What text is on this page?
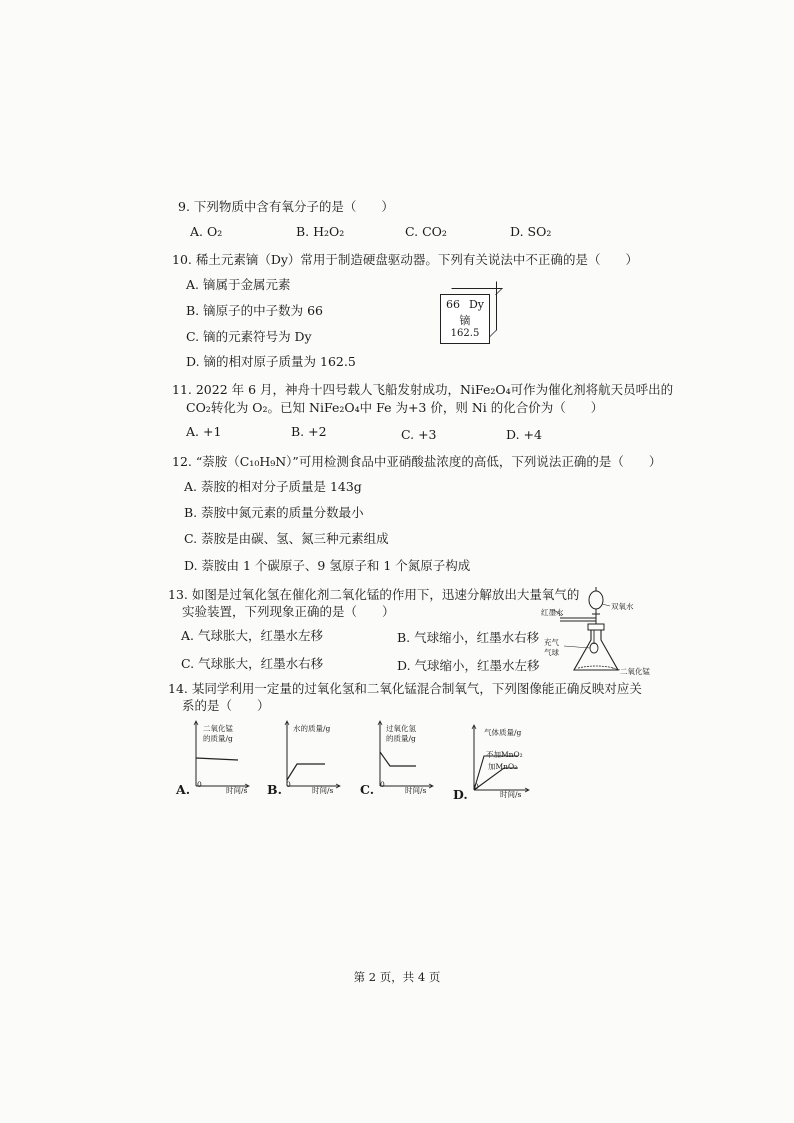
9. 下列物质中含有氧分子的是（　　）
A. O₂	B. H₂O₂	C. CO₂	D. SO₂
10. 稀土元素镝（Dy）常用于制造硬盘驱动器。下列有关说法中不正确的是（　　）
A. 镝属于金属元素
B. 镝原子的中子数为 66
C. 镝的元素符号为 Dy
D. 镝的相对原子质量为 162.5
66 Dy
镝
162.5
11. 2022 年 6 月，神舟十四号载人飞船发射成功，NiFe₂O₄可作为催化剂将航天员呼出的
CO₂转化为 O₂。已知 NiFe₂O₄中 Fe 为+3 价，则 Ni 的化合价为（　　）
A. +1	B. +2	C. +3	D. +4
12. “萘胺（C₁₀H₉N）”可用检测食品中亚硝酸盐浓度的高低，下列说法正确的是（　　）
A. 萘胺的相对分子质量是 143g
B. 萘胺中氮元素的质量分数最小
C. 萘胺是由碳、氢、氮三种元素组成
D. 萘胺由 1 个碳原子、9 氢原子和 1 个氮原子构成
13. 如图是过氧化氢在催化剂二氧化锰的作用下，迅速分解放出大量氧气的
实验装置，下列现象正确的是（　　）
A. 气球胀大，红墨水左移	B. 气球缩小，红墨水右移
C. 气球胀大，红墨水右移	D. 气球缩小，红墨水左移
红墨水
双氧水
充气
气球
二氧化锰
14. 某同学利用一定量的过氧化氢和二氧化锰混合制氧气，下列图像能正确反映对应关
系的是（　　）
二氧化锰
的质量/g
0
时间/s
A.
水的质量/g
0
时间/s
B.
过氧化氢
的质量/g
0
时间/s
C.
气体质量/g
不加MnO₂
加MnO₂
0
时间/s
D.
第 2 页，共 4 页
